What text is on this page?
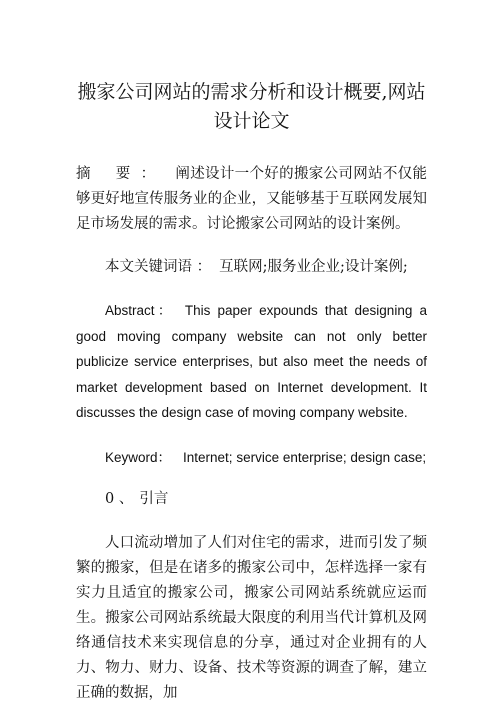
搬家公司网站的需求分析和设计概要,网站
设计论文

摘 要： 阐述设计一个好的搬家公司网站不仅能够更好地宣传服务业的企业，又能够基于互联网发展知足市场发展的需求。讨论搬家公司网站的设计案例。

本文关键词语 ： 互联网;服务业企业;设计案例;

Abstract： This paper expounds that designing a good moving company website can not only better publicize service enterprises, but also meet the needs of market development based on Internet development. It discusses the design case of moving company website.

Keyword： Internet; service enterprise; design case;

0 、 引言

人口流动增加了人们对住宅的需求，进而引发了频繁的搬家，但是在诸多的搬家公司中，怎样选择一家有实力且适宜的搬家公司，搬家公司网站系统就应运而生。搬家公司网站系统最大限度的利用当代计算机及网络通信技术来实现信息的分享，通过对企业拥有的人力、物力、财力、设备、技术等资源的调查了解，建立正确的数据，加
